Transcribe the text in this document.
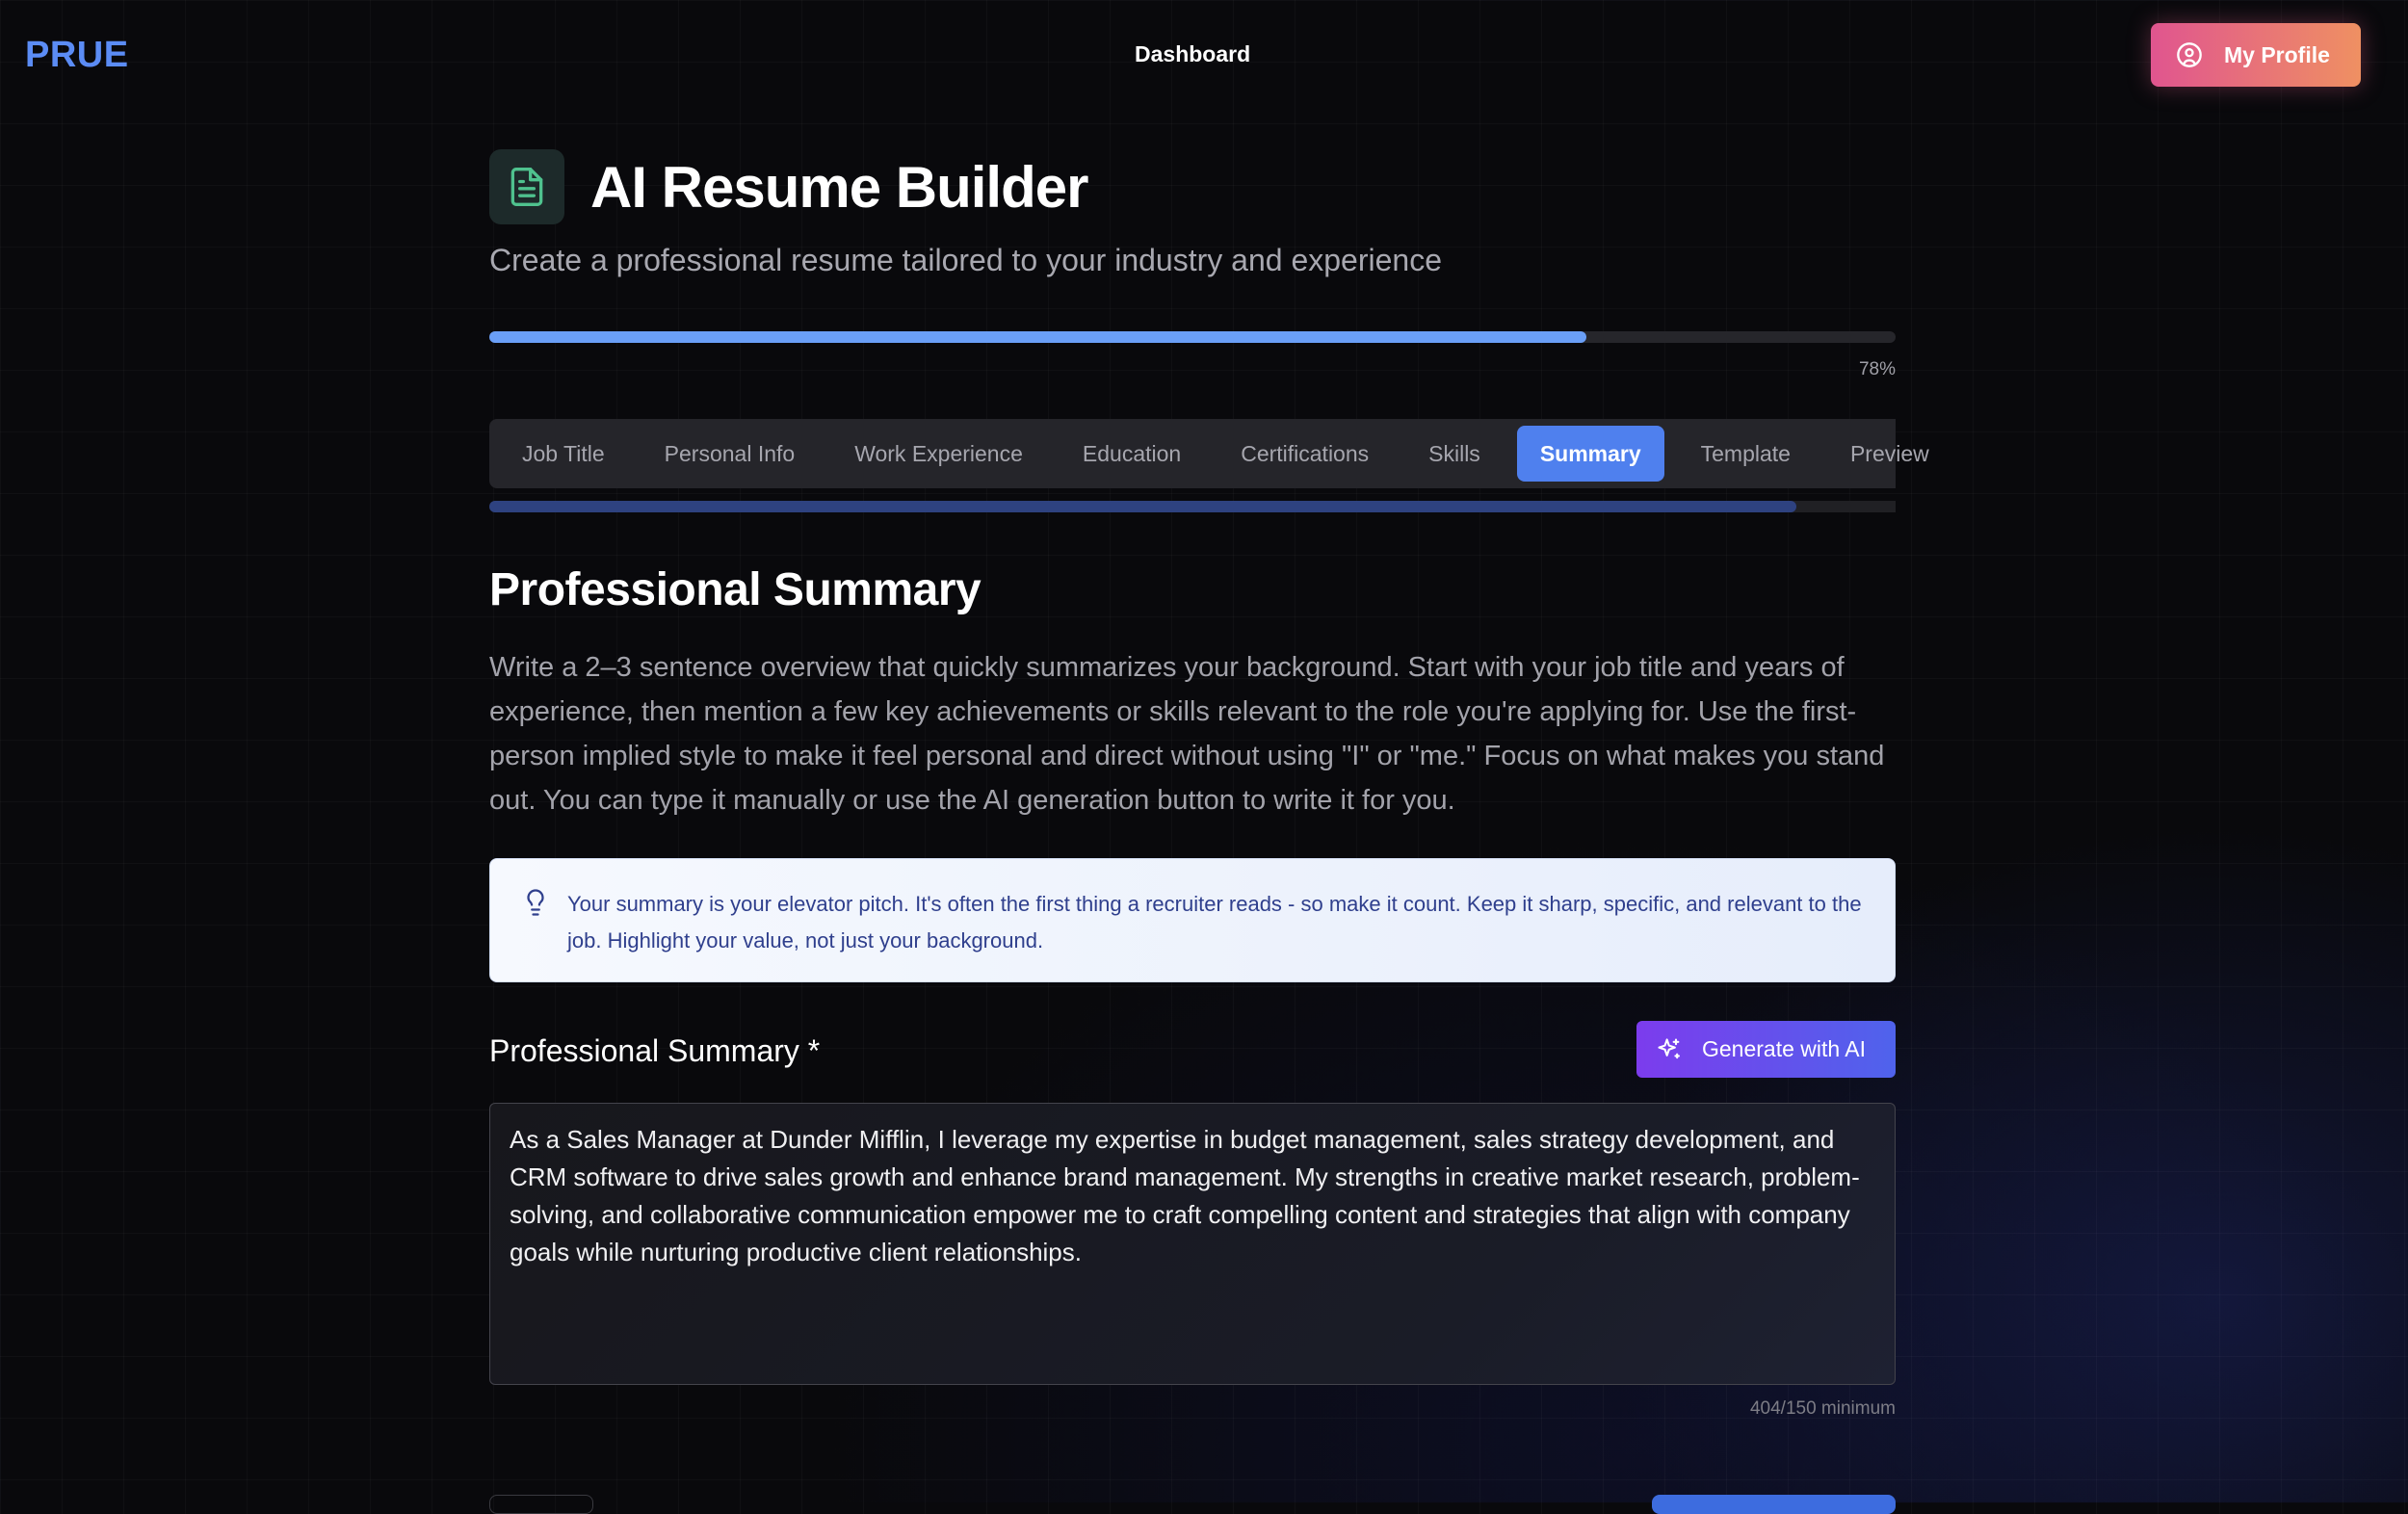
PRUE	Dashboard	My Profile
AI Resume Builder

Create a professional resume tailored to your industry and experience

78%
Job Title	Personal Info	Work Experience	Education	Certifications	Skills	Summary	Template	Preview
Professional Summary

Write a 2–3 sentence overview that quickly summarizes your background. Start with your job title and years of experience, then mention a few key achievements or skills relevant to the role you're applying for. Use the first-person implied style to make it feel personal and direct without using "I" or "me." Focus on what makes you stand out. You can type it manually or use the AI generation button to write it for you.

Your summary is your elevator pitch. It's often the first thing a recruiter reads - so make it count. Keep it sharp, specific, and relevant to the job. Highlight your value, not just your background.
Professional Summary *	Generate with AI
As a Sales Manager at Dunder Mifflin, I leverage my expertise in budget management, sales strategy development, and CRM software to drive sales growth and enhance brand management. My strengths in creative market research, problem-solving, and collaborative communication empower me to craft compelling content and strategies that align with company goals while nurturing productive client relationships.
404/150 minimum
